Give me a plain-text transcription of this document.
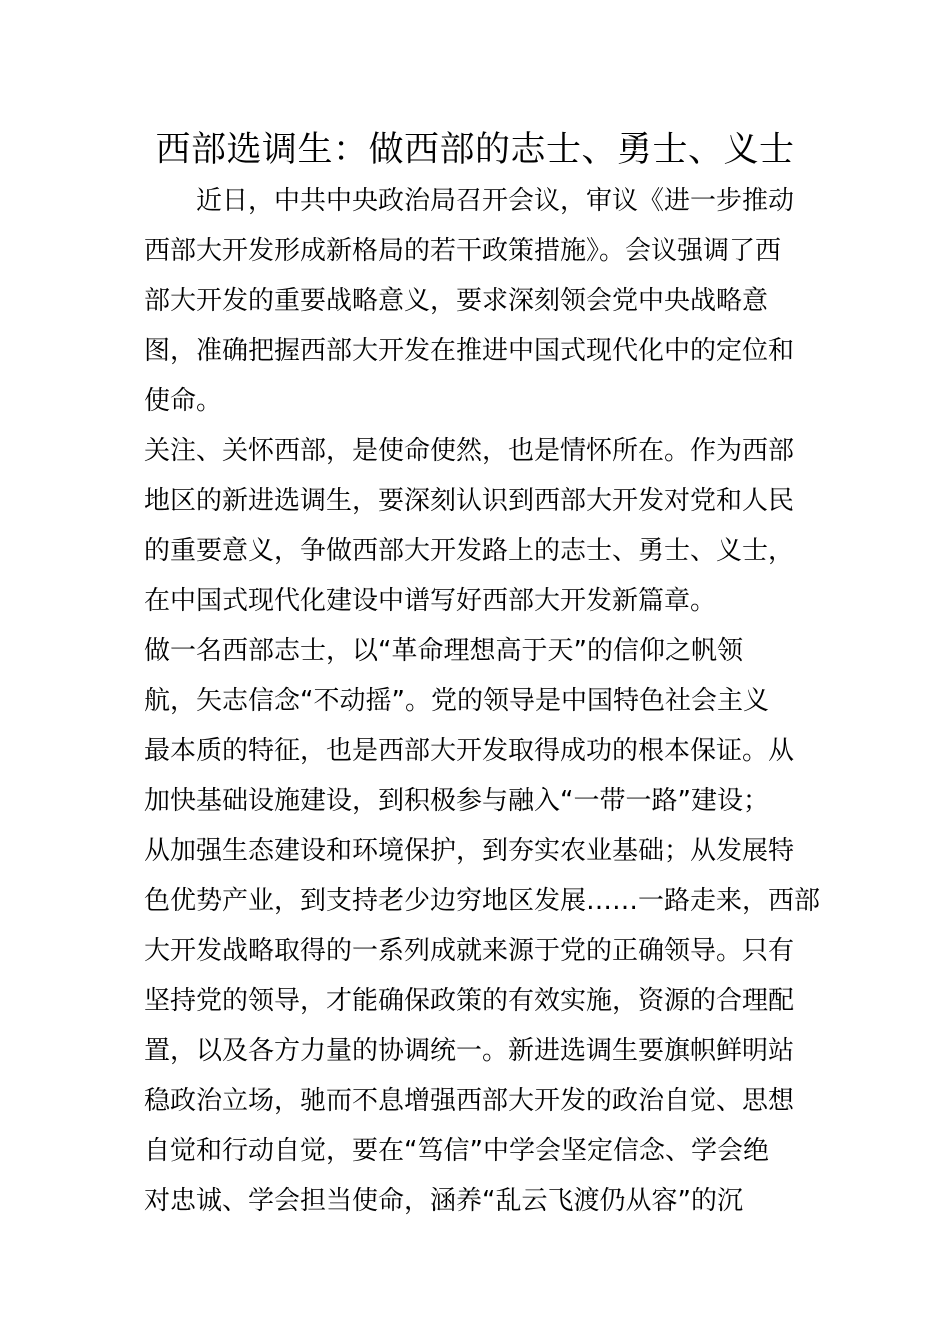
西部选调生：做西部的志士、勇士、义士

　　近日，中共中央政治局召开会议，审议《进一步推动
西部大开发形成新格局的若干政策措施》。会议强调了西
部大开发的重要战略意义，要求深刻领会党中央战略意
图，准确把握西部大开发在推进中国式现代化中的定位和
使命。

关注、关怀西部，是使命使然，也是情怀所在。作为西部
地区的新进选调生，要深刻认识到西部大开发对党和人民
的重要意义，争做西部大开发路上的志士、勇士、义士，
在中国式现代化建设中谱写好西部大开发新篇章。

做一名西部志士，以“革命理想高于天”的信仰之帆领
航，矢志信念“不动摇”。党的领导是中国特色社会主义
最本质的特征，也是西部大开发取得成功的根本保证。从
加快基础设施建设，到积极参与融入“一带一路”建设；
从加强生态建设和环境保护，到夯实农业基础；从发展特
色优势产业，到支持老少边穷地区发展……一路走来，西部
大开发战略取得的一系列成就来源于党的正确领导。只有
坚持党的领导，才能确保政策的有效实施，资源的合理配
置，以及各方力量的协调统一。新进选调生要旗帜鲜明站
稳政治立场，驰而不息增强西部大开发的政治自觉、思想
自觉和行动自觉，要在“笃信”中学会坚定信念、学会绝
对忠诚、学会担当使命，涵养“乱云飞渡仍从容”的沉
